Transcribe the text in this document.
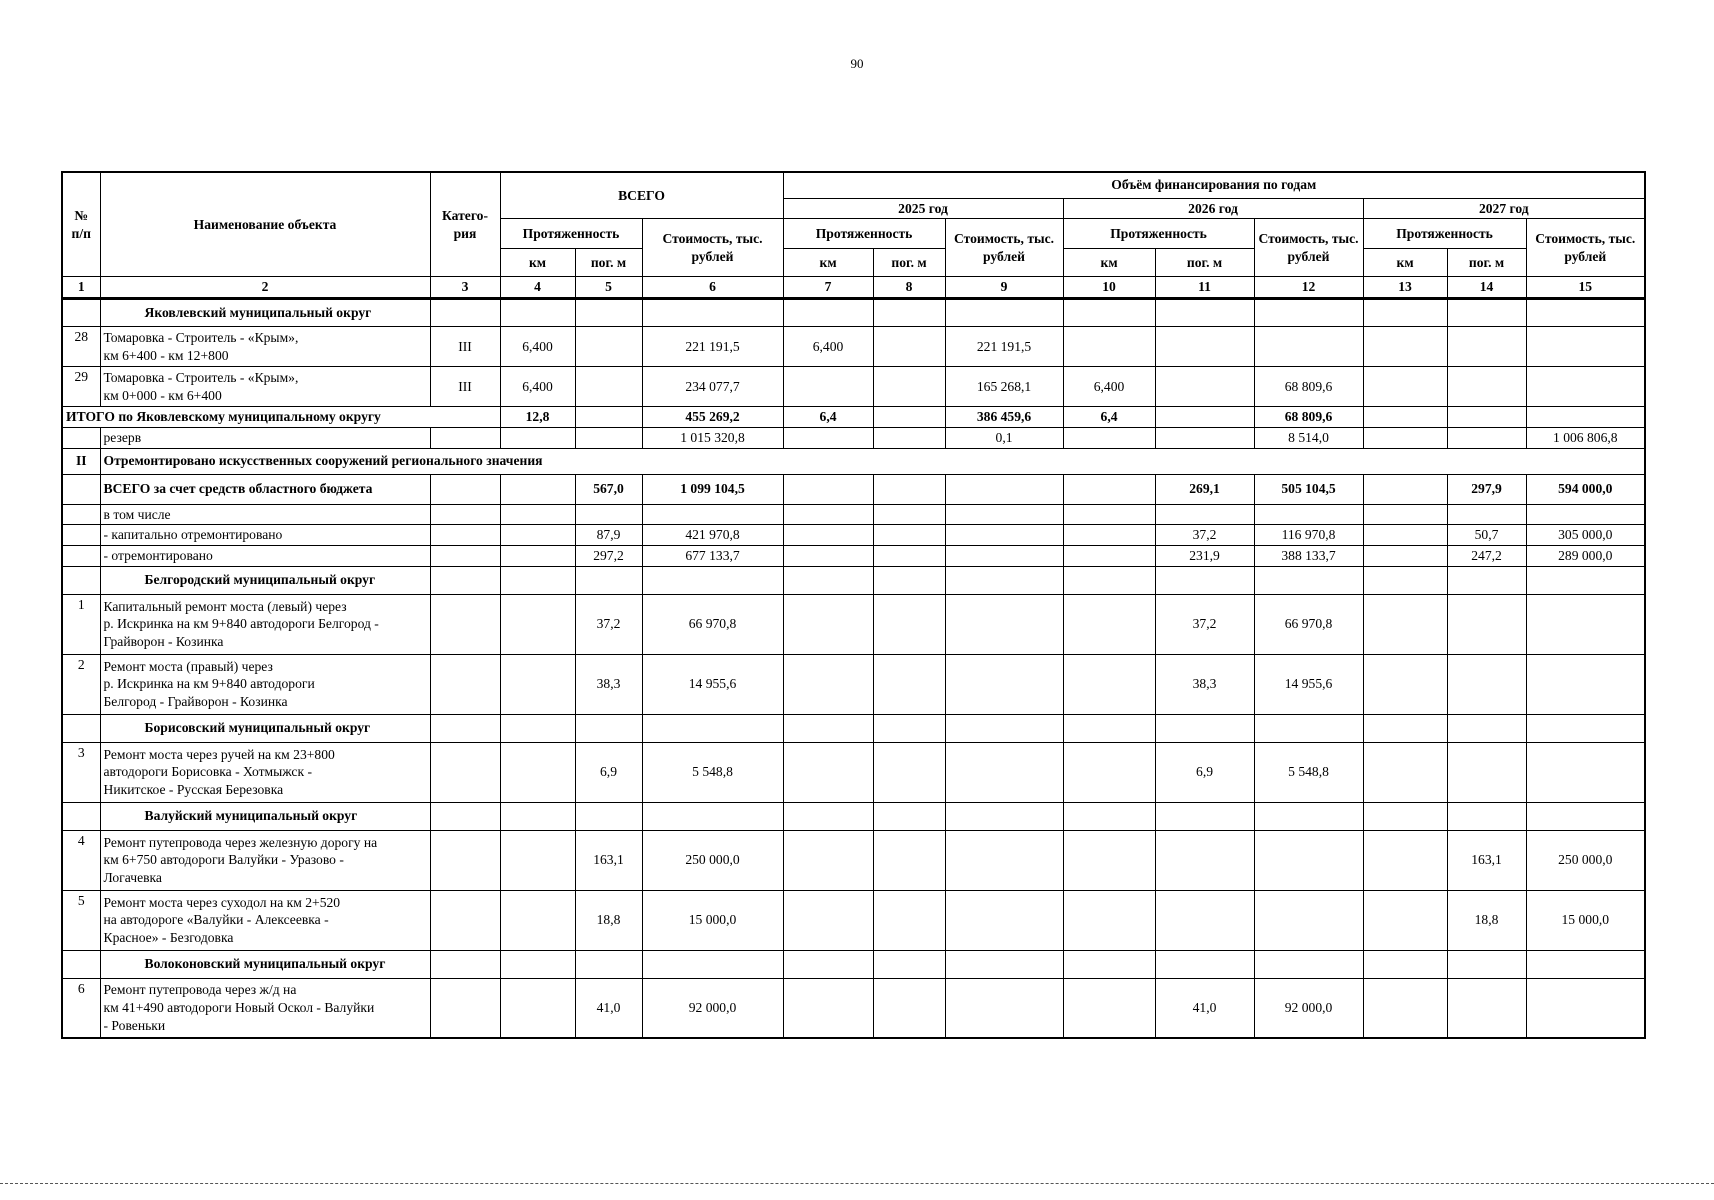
90
№
п/п	Наименование объекта	Катего-
рия	ВСЕГО			Объём финансирования по годам								
						2025 год			2026 год			2027 год		
			Протяженность		Стоимость, тыс. рублей	Протяженность		Стоимость, тыс. рублей	Протяженность		Стоимость, тыс. рублей	Протяженность		Стоимость, тыс. рублей
			км	пог. м		км	пог. м		км	пог. м		км	пог. м	
1	2	3	4	5	6	7	8	9	10	11	12	13	14	15
	Яковлевский муниципальный округ													
28	Томаровка - Строитель - «Крым»,
км 6+400 - км 12+800	III	6,400		221 191,5	6,400		221 191,5						
29	Томаровка - Строитель - «Крым»,
км 0+000 - км 6+400	III	6,400		234 077,7			165 268,1	6,400		68 809,6			
ИТОГО по Яковлевскому муниципальному округу			12,8		455 269,2	6,4		386 459,6	6,4		68 809,6			
	резерв				1 015 320,8			0,1			8 514,0			1 006 806,8
II	Отремонтировано искусственных сооружений регионального значения													
	ВСЕГО за счет средств областного бюджета			567,0	1 099 104,5					269,1	505 104,5		297,9	594 000,0
	в том числе													
	- капитально отремонтировано			87,9	421 970,8					37,2	116 970,8		50,7	305 000,0
	- отремонтировано			297,2	677 133,7					231,9	388 133,7		247,2	289 000,0
	Белгородский муниципальный округ													
1	Капитальный ремонт моста (левый) через
р. Искринка на км 9+840 автодороги Белгород -
Грайворон - Козинка			37,2	66 970,8					37,2	66 970,8			
2	Ремонт моста (правый) через
р. Искринка на км 9+840 автодороги
Белгород - Грайворон - Козинка			38,3	14 955,6					38,3	14 955,6			
	Борисовский муниципальный округ													
3	Ремонт моста через ручей на км 23+800
автодороги Борисовка - Хотмыжск -
Никитское - Русская Березовка			6,9	5 548,8					6,9	5 548,8			
	Валуйский муниципальный округ													
4	Ремонт путепровода через железную дорогу на
км 6+750 автодороги Валуйки - Уразово -
Логачевка			163,1	250 000,0								163,1	250 000,0
5	Ремонт моста через суходол на км 2+520
на автодороге «Валуйки - Алексеевка -
Красное» - Безгодовка			18,8	15 000,0								18,8	15 000,0
	Волоконовский муниципальный округ													
6	Ремонт путепровода через ж/д на
км 41+490 автодороги Новый Оскол - Валуйки
- Ровеньки			41,0	92 000,0					41,0	92 000,0			
